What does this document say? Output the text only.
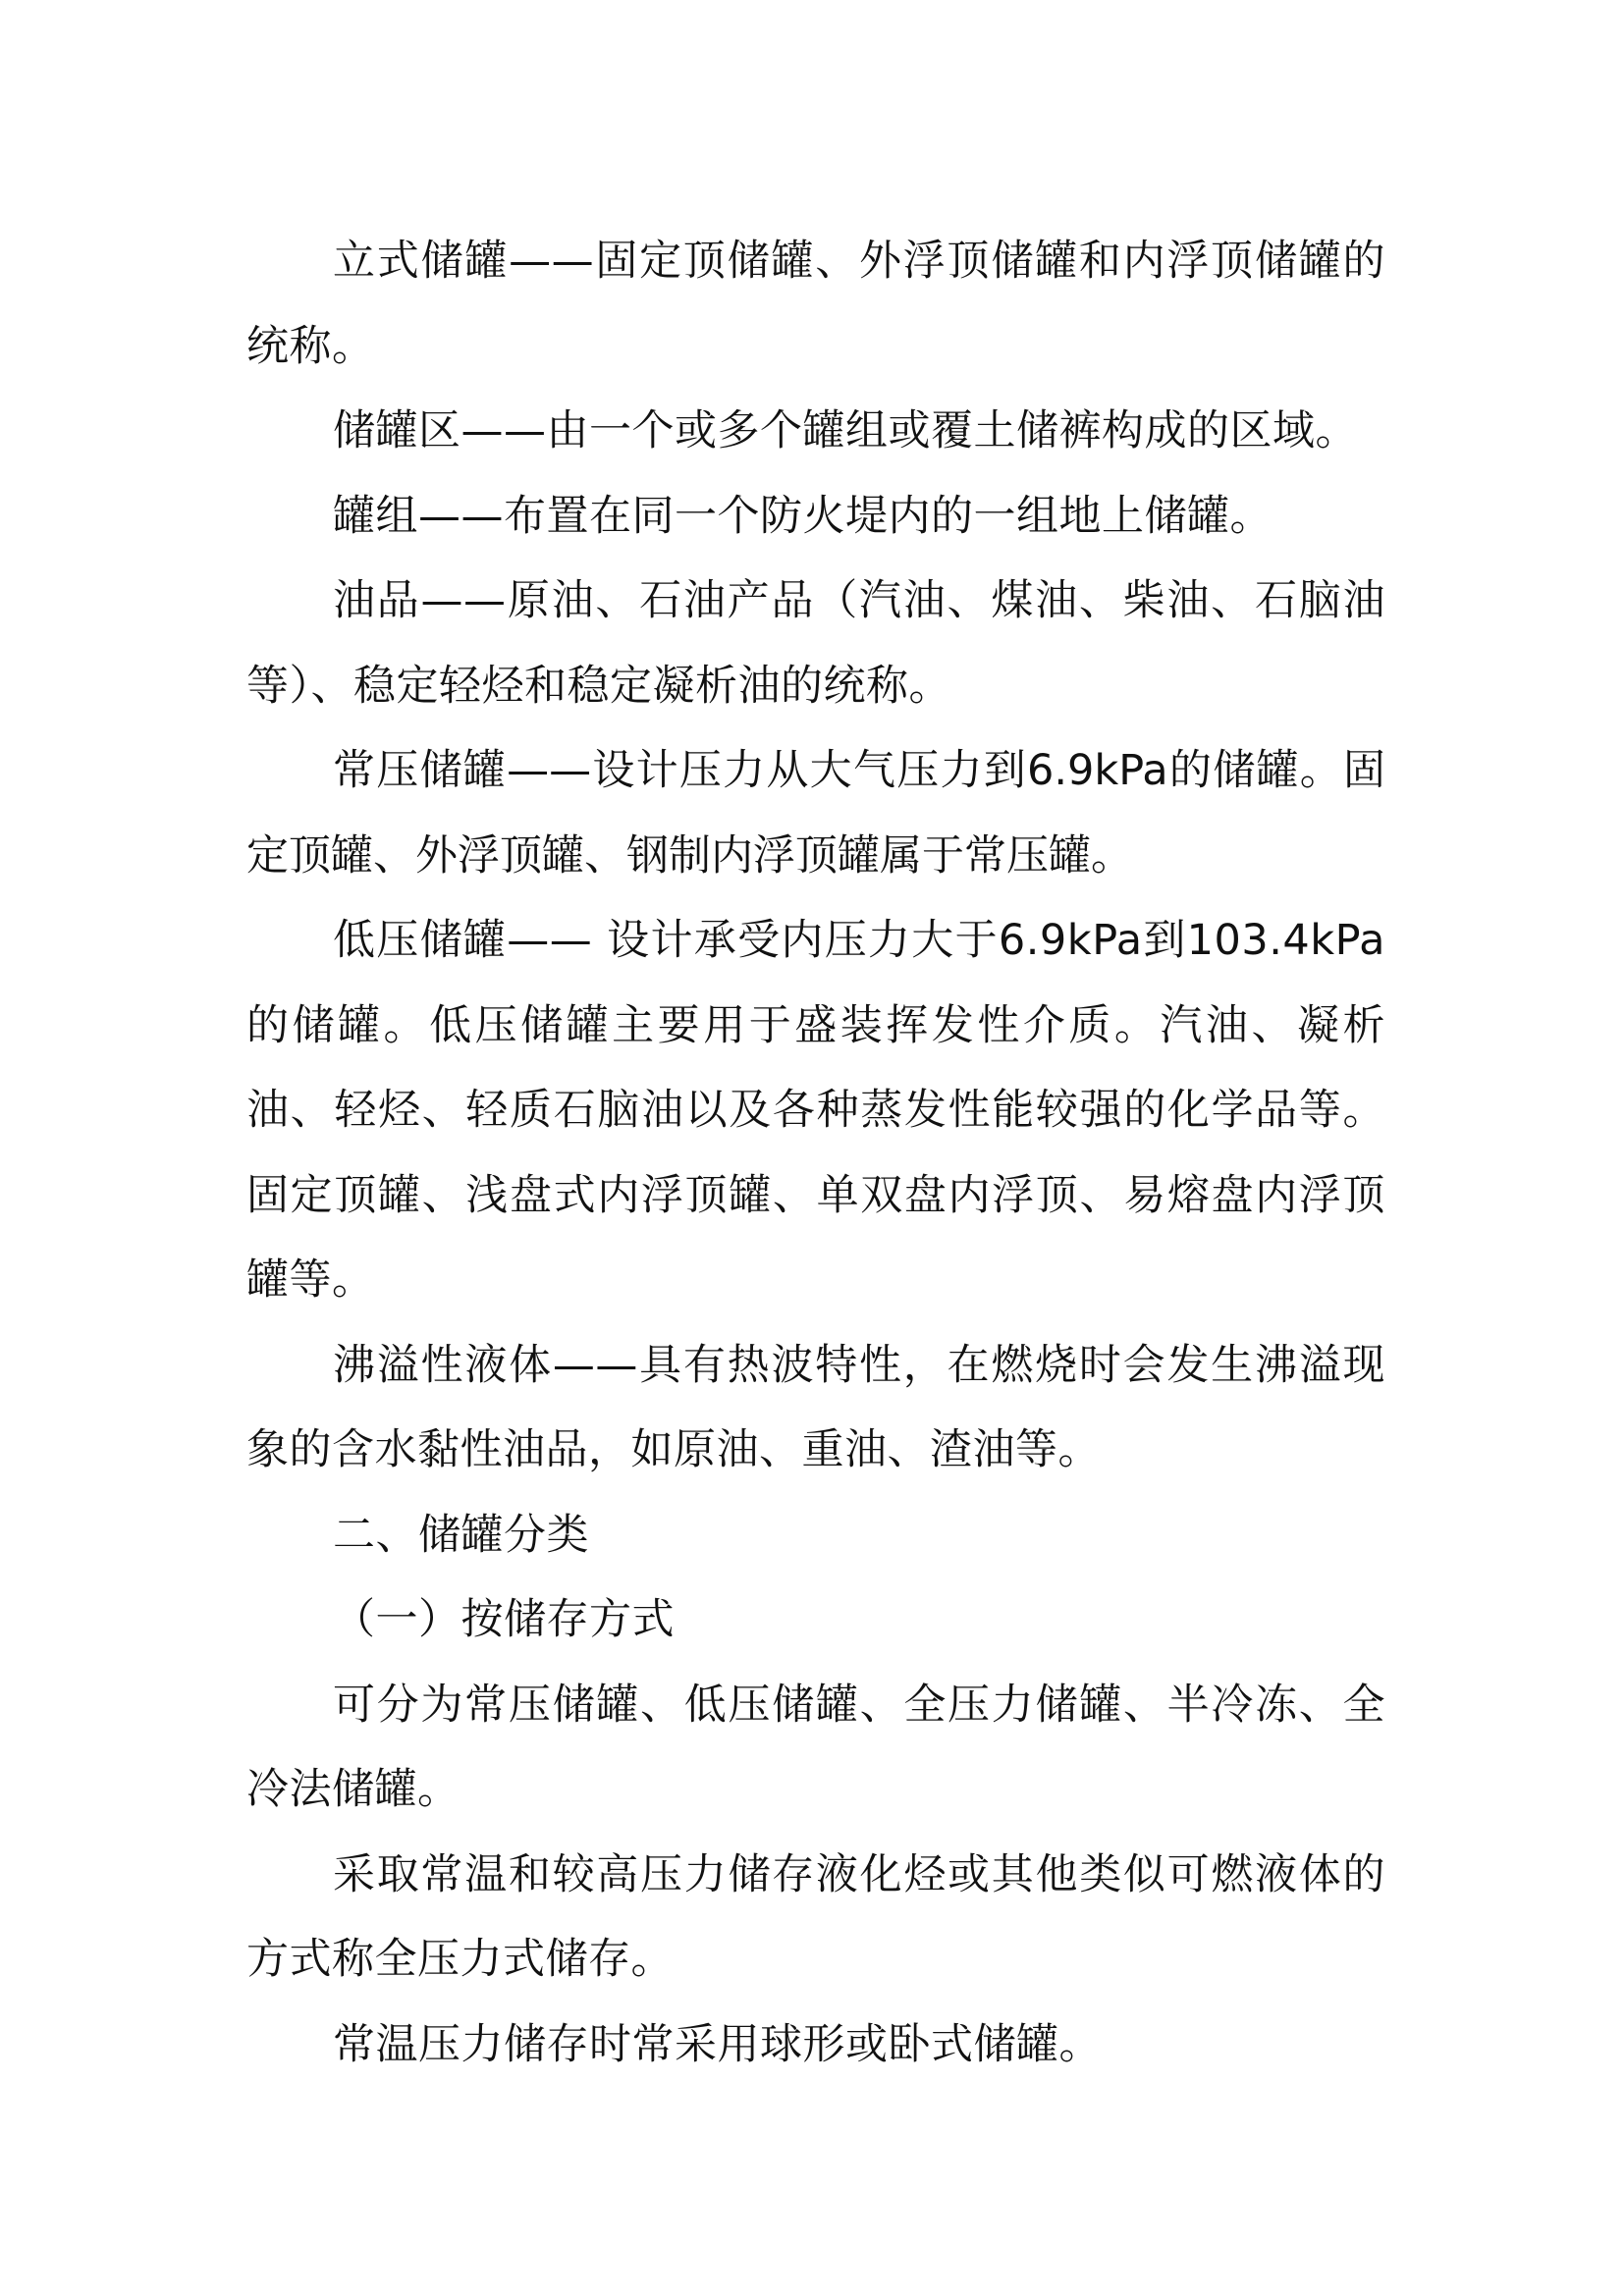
立式储罐——固定顶储罐、外浮顶储罐和内浮顶储罐的统称。

储罐区——由一个或多个罐组或覆土储裤构成的区域。

罐组——布置在同一个防火堤内的一组地上储罐。

油品——原油、石油产品（汽油、煤油、柴油、石脑油等）、稳定轻烃和稳定凝析油的统称。

常压储罐——设计压力从大气压力到6.9kPa的储罐。固定顶罐、外浮顶罐、钢制内浮顶罐属于常压罐。

低压储罐—— 设计承受内压力大于6.9kPa到103.4kPa的储罐。低压储罐主要用于盛装挥发性介质。汽油、凝析油、轻烃、轻质石脑油以及各种蒸发性能较强的化学品等。固定顶罐、浅盘式内浮顶罐、单双盘内浮顶、易熔盘内浮顶罐等。

沸溢性液体——具有热波特性，在燃烧时会发生沸溢现象的含水黏性油品，如原油、重油、渣油等。

二、储罐分类

（一）按储存方式

可分为常压储罐、低压储罐、全压力储罐、半冷冻、全冷法储罐。

采取常温和较高压力储存液化烃或其他类似可燃液体的方式称全压力式储存。

常温压力储存时常采用球形或卧式储罐。
